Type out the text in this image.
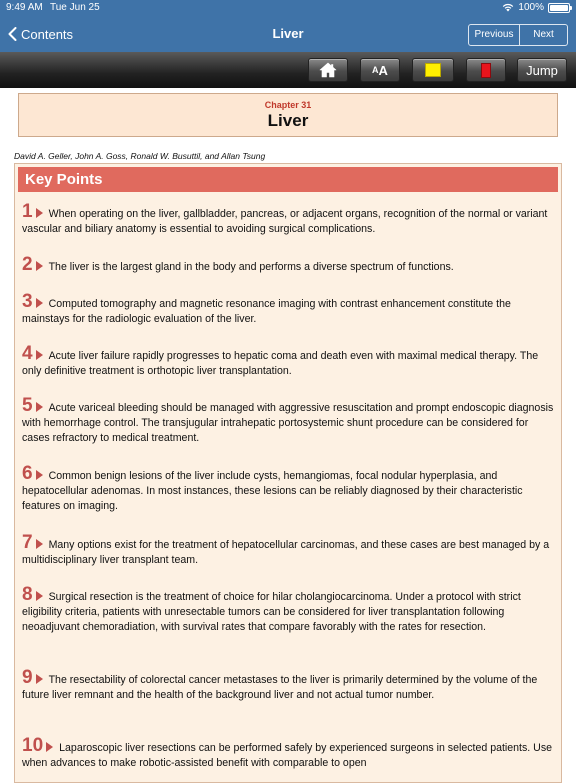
9:49 AM Tue Jun 25	100%
Contents	Liver	Previous	Next
A A	Jump
Chapter 31
Liver
David A. Geller, John A. Goss, Ronald W. Busuttil, and Allan Tsung
Key Points
1 When operating on the liver, gallbladder, pancreas, or adjacent organs, recognition of the normal or variant vascular and biliary anatomy is essential to avoiding surgical complications.
2 The liver is the largest gland in the body and performs a diverse spectrum of functions.
3 Computed tomography and magnetic resonance imaging with contrast enhancement constitute the mainstays for the radiologic evaluation of the liver.
4 Acute liver failure rapidly progresses to hepatic coma and death even with maximal medical therapy. The only definitive treatment is orthotopic liver transplantation.
5 Acute variceal bleeding should be managed with aggressive resuscitation and prompt endoscopic diagnosis with hemorrhage control. The transjugular intrahepatic portosystemic shunt procedure can be considered for cases refractory to medical treatment.
6 Common benign lesions of the liver include cysts, hemangiomas, focal nodular hyperplasia, and hepatocellular adenomas. In most instances, these lesions can be reliably diagnosed by their characteristic features on imaging.
7 Many options exist for the treatment of hepatocellular carcinomas, and these cases are best managed by a multidisciplinary liver transplant team.
8 Surgical resection is the treatment of choice for hilar cholangiocarcinoma. Under a protocol with strict eligibility criteria, patients with unresectable tumors can be considered for liver transplantation following neoadjuvant chemoradiation, with survival rates that compare favorably with the rates for resection.
9 The resectability of colorectal cancer metastases to the liver is primarily determined by the volume of the future liver remnant and the health of the background liver and not actual tumor number.
10 Laparoscopic liver resections can be performed safely by experienced surgeons in selected patients. Use when advances to make robotic-assisted benefit with comparable to open
